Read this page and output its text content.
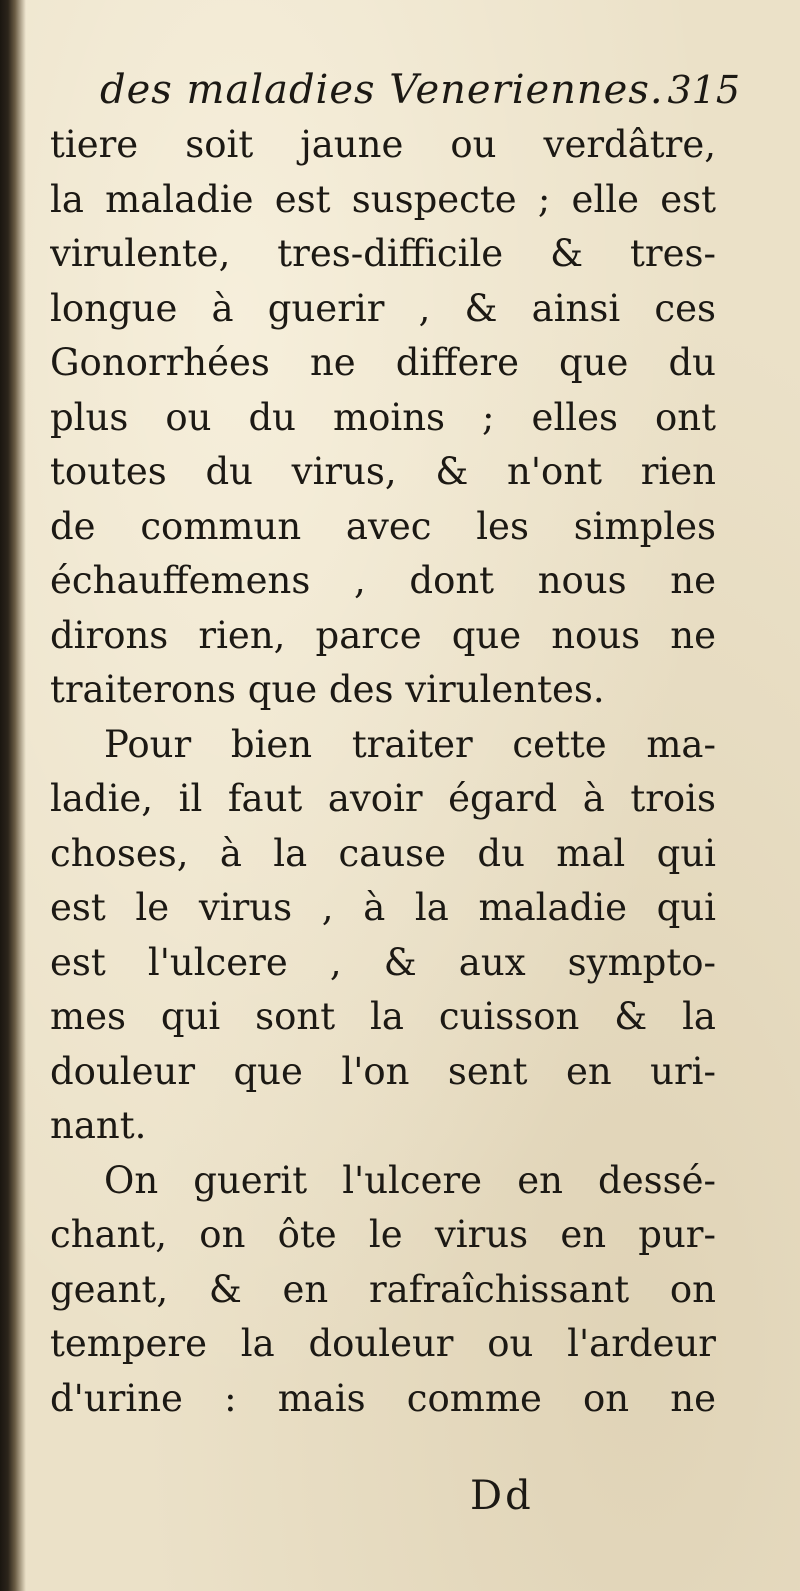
des maladies Veneriennes. 315
tiere soit jaune ou verdâtre,
la maladie est suspecte ; elle est
virulente, tres-difficile & tres-
longue à guerir , & ainsi ces
Gonorrhées ne differe que du
plus ou du moins ; elles ont
toutes du virus, & n'ont rien
de commun avec les simples
échauffemens , dont nous ne
dirons rien, parce que nous ne
traiterons que des virulentes.
Pour bien traiter cette ma-
ladie, il faut avoir égard à trois
choses, à la cause du mal qui
est le virus , à la maladie qui
est l'ulcere , & aux sympto-
mes qui sont la cuisson & la
douleur que l'on sent en uri-
nant.
On guerit l'ulcere en dessé-
chant, on ôte le virus en pur-
geant, & en rafraîchissant on
tempere la douleur ou l'ardeur
d'urine : mais comme on ne
Dd
